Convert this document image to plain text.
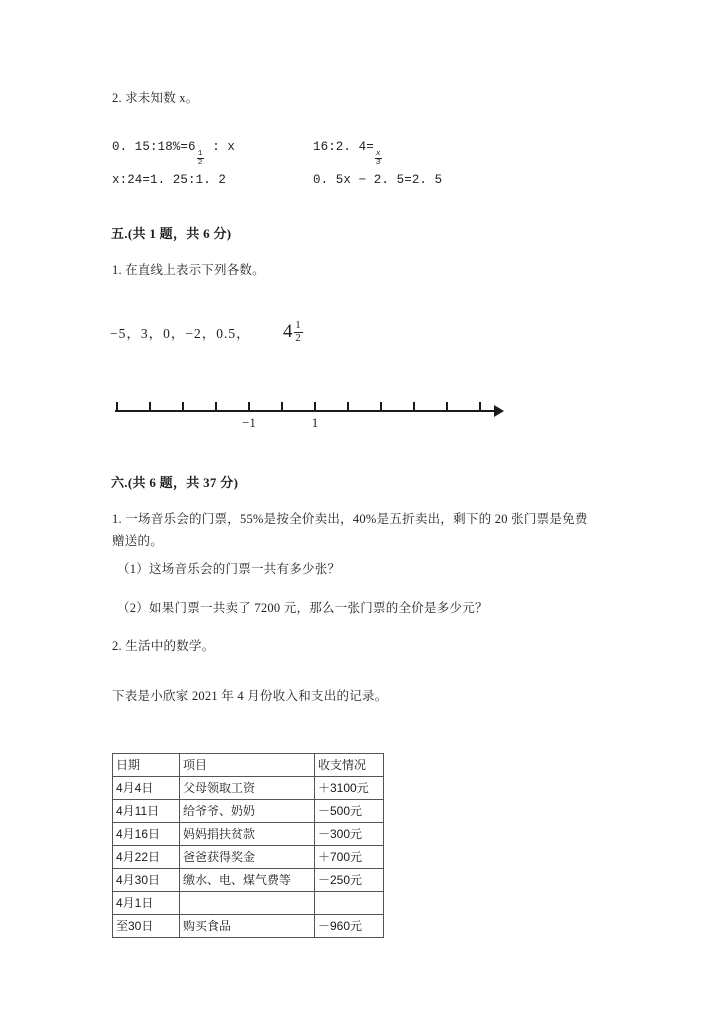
2. 求未知数 x。
0. 15:18%=6
$\frac{1}{2}$
: x	16:2. 4=
$\frac{x}{3}$
x:24=1. 25:1. 2	0. 5x − 2. 5=2. 5
五.(共 1 题，共 6 分)
1. 在直线上表示下列各数。
−5，3，0，−2，0.5， $4 \frac{1}{2}$
−1	1
六.(共 6 题，共 37 分)
1. 一场音乐会的门票，55%是按全价卖出，40%是五折卖出，剩下的 20 张门票是免费赠送的。
（1）这场音乐会的门票一共有多少张？
（2）如果门票一共卖了 7200 元，那么一张门票的全价是多少元？
2. 生活中的数学。
下表是小欣家 2021 年 4 月份收入和支出的记录。
日期	项目	收支情况
4月4日	父母领取工资	＋3100元
4月11日	给爷爷、奶奶	－500元
4月16日	妈妈捐扶贫款	－300元
4月22日	爸爸获得奖金	＋700元
4月30日	缴水、电、煤气费等	－250元
4月1日		
至30日	购买食品	－960元
